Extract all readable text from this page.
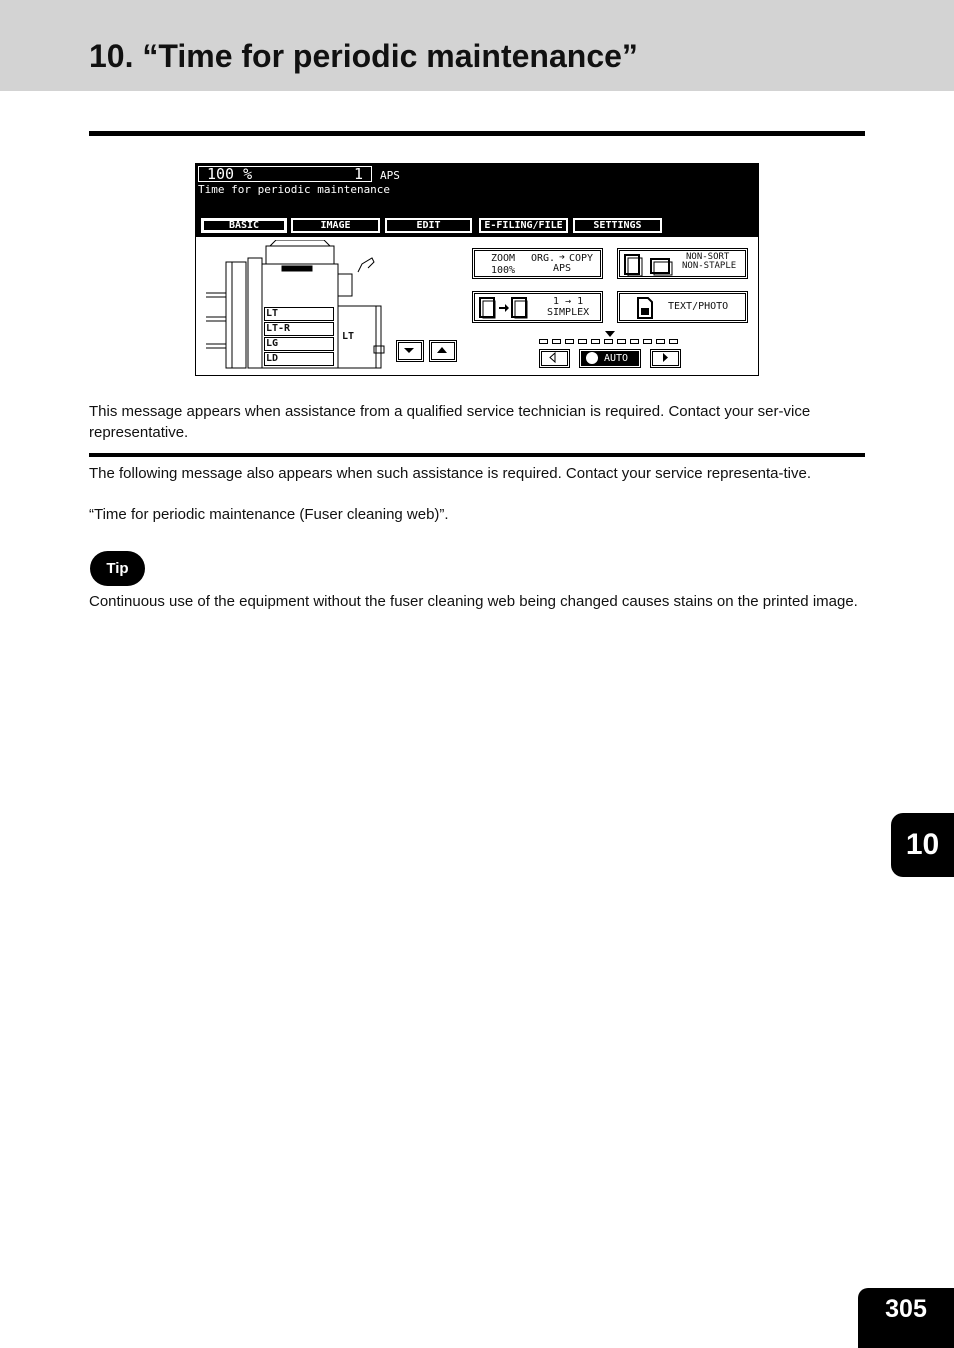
10. “Time for periodic maintenance”
100 %	1 APS
Time for periodic maintenance
BASIC	IMAGE	EDIT	E-FILING/FILE	SETTINGS
LT
LT-R
LG
LD
LT
ZOOM
100%
ORG. ➔ COPY
APS
NON-SORT
NON-STAPLE
1 → 1
SIMPLEX
TEXT/PHOTO
AUTO

This message appears when assistance from a qualified service technician is required. Contact your ser-vice representative.

The following message also appears when such assistance is required. Contact your service representa-tive.

“Time for periodic maintenance (Fuser cleaning web)”.

Tip

Continuous use of the equipment without the fuser cleaning web being changed causes stains on the printed image.

10
305
